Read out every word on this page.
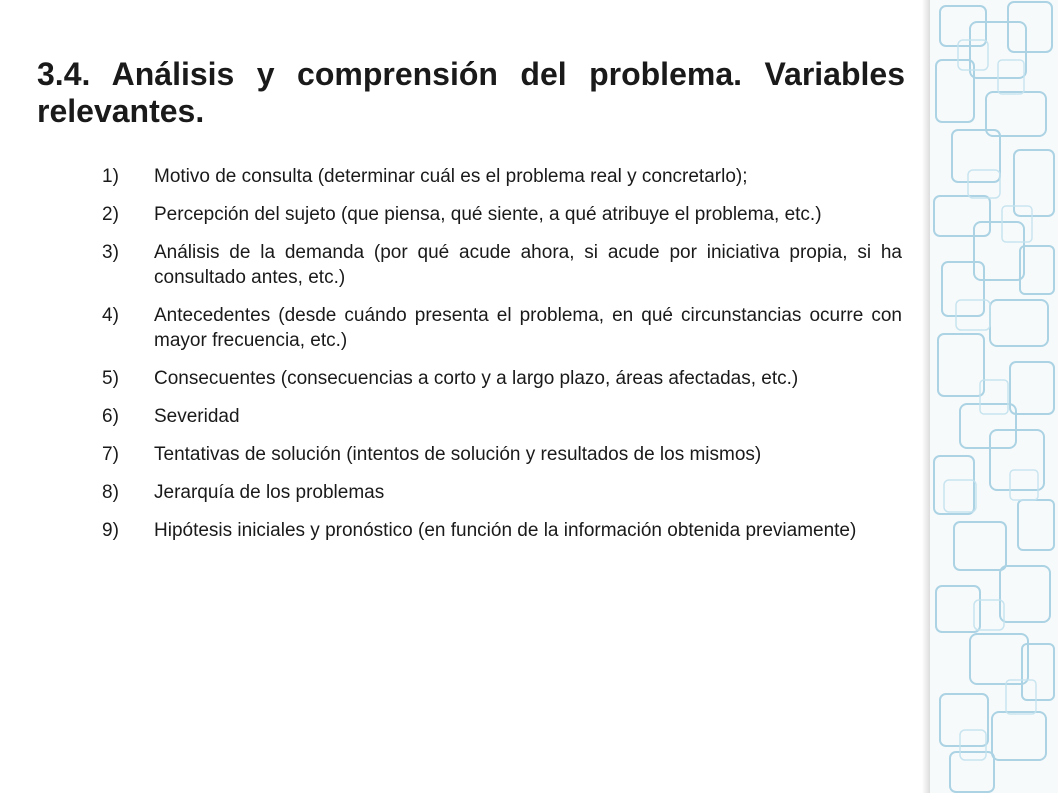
3.4. Análisis y comprensión del problema. Variables relevantes.
1) Motivo de consulta (determinar cuál es el problema real y concretarlo);
2) Percepción del sujeto (que piensa, qué siente, a qué atribuye el problema, etc.)
3) Análisis de la demanda (por qué acude ahora, si acude por iniciativa propia, si ha consultado antes, etc.)
4) Antecedentes (desde cuándo presenta el problema, en qué circunstancias ocurre con mayor frecuencia, etc.)
5) Consecuentes (consecuencias a corto y a largo plazo, áreas afectadas, etc.)
6) Severidad
7) Tentativas de solución (intentos de solución y resultados de los mismos)
8) Jerarquía de los problemas
9) Hipótesis iniciales y pronóstico (en función de la información obtenida previamente)
